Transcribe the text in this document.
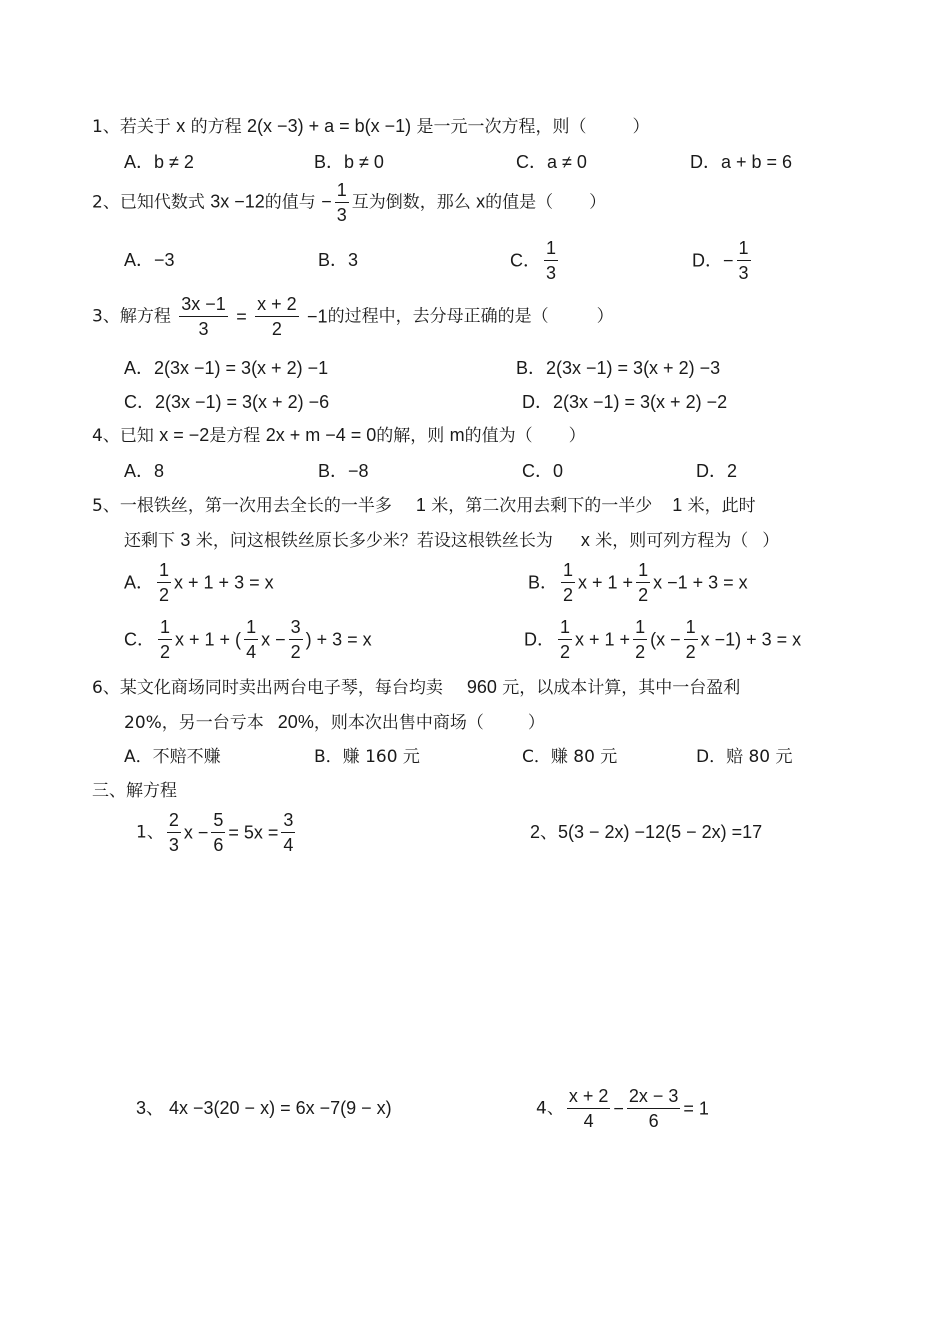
1、若关于 x 的方程 2(x −3) + a = b(x −1) 是一元一次方程，则（	）
A．b ≠ 2	B．b ≠ 0	C．a ≠ 0	D．a + b = 6
2、已知代数式 3x −12的值与 − $\frac{1}{3}$ 互为倒数，那么 x的值是（ ）
A．−3	B．3	C． $\frac{1}{3}$	D．− $\frac{1}{3}$
3、解方程 $\frac{3x -1}{3} = \frac{x + 2}{2} -1$的过程中，去分母正确的是（	）
A．2(3x −1) = 3(x + 2) −1	B．2(3x −1) = 3(x + 2) −3
C．2(3x −1) = 3(x + 2) −6	D．2(3x −1) = 3(x + 2) −2
4、已知 x = −2是方程 2x + m −4 = 0的解，则 m的值为（ ）
A．8	B．−8	C．0	D．2
5、一根铁丝，第一次用去全长的一半多 1 米，第二次用去剩下的一半少 1 米，此时
还剩下 3 米，问这根铁丝原长多少米？若设这根铁丝长为 x 米，则可列方程为（ ）
A． $\frac{1}{2}$ x + 1 + 3 = x	B． $\frac{1}{2}$ $x + 1 + \frac{1}{2}$ x −1 + 3 = x
C． $\frac{1}{2}$ x + 1 + ( $\frac{1}{4}$ $x - \frac{3}{2}$ ) + 3 = x	D． $\frac{1}{2}$ $x + 1 + \frac{1}{2} (x - \frac{1}{2}$ x −1) + 3 = x
6、某文化商场同时卖出两台电子琴，每台均卖 960 元，以成本计算，其中一台盈利
20%，另一台亏本 20%，则本次出售中商场（	）
A．不赔不赚	B．赚 160 元	C．赚 80 元	D．赔 80 元
三、解方程
1、 $\frac{2}{3}$ $x - \frac{5}{6} = 5x = \frac{3}{4}$	2、5(3 − 2x) −12(5 − 2x) =17
3、 4x −3(20 − x) = 6x −7(9 − x)	4、 $\frac{x + 2}{4} - \frac{2x - 3}{6} = 1$
